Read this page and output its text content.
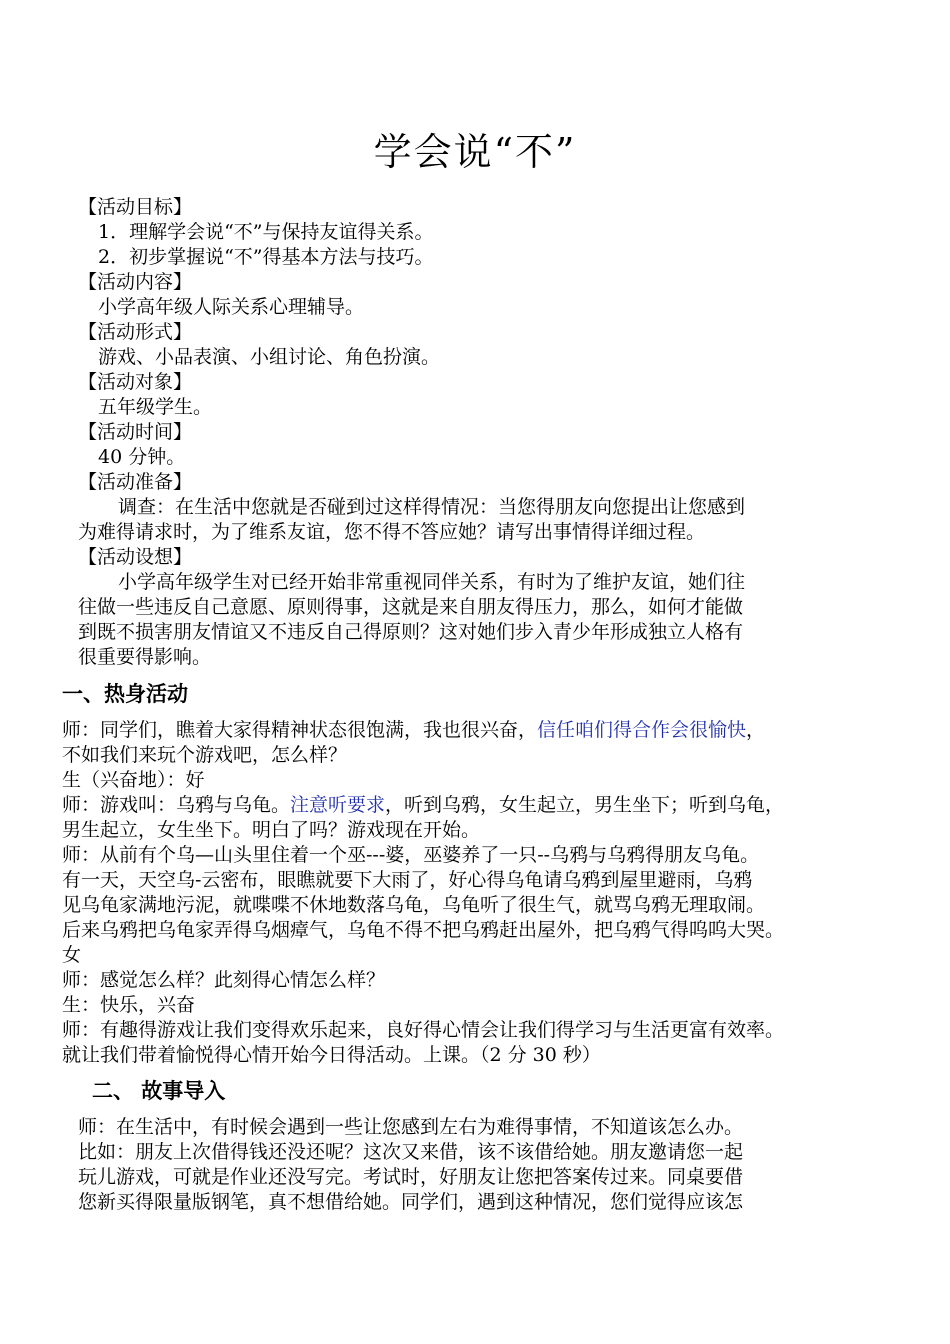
学会说“不”
【活动目标】
1．理解学会说“不”与保持友谊得关系。
2．初步掌握说“不”得基本方法与技巧。
【活动内容】
小学高年级人际关系心理辅导。
【活动形式】
游戏、小品表演、小组讨论、角色扮演。
【活动对象】
五年级学生。
【活动时间】
40 分钟。
【活动准备】
调查：在生活中您就是否碰到过这样得情况：当您得朋友向您提出让您感到
为难得请求时，为了维系友谊，您不得不答应她？请写出事情得详细过程。
【活动设想】
小学高年级学生对已经开始非常重视同伴关系，有时为了维护友谊，她们往
往做一些违反自己意愿、原则得事，这就是来自朋友得压力，那么，如何才能做
到既不损害朋友情谊又不违反自己得原则？这对她们步入青少年形成独立人格有
很重要得影响。
一、热身活动
师：同学们，瞧着大家得精神状态很饱满，我也很兴奋，信任咱们得合作会很愉快，
不如我们来玩个游戏吧，怎么样？
生（兴奋地）：好
师：游戏叫：乌鸦与乌龟。注意听要求，听到乌鸦，女生起立，男生坐下；听到乌龟，
男生起立，女生坐下。明白了吗？游戏现在开始。
师：从前有个乌—山头里住着一个巫---婆，巫婆养了一只--乌鸦与乌鸦得朋友乌龟。
有一天，天空乌-云密布，眼瞧就要下大雨了，好心得乌龟请乌鸦到屋里避雨，乌鸦
见乌龟家满地污泥，就喋喋不休地数落乌龟，乌龟听了很生气，就骂乌鸦无理取闹。
后来乌鸦把乌龟家弄得乌烟瘴气，乌龟不得不把乌鸦赶出屋外，把乌鸦气得呜呜大哭。
女
师：感觉怎么样？此刻得心情怎么样？
生：快乐，兴奋
师：有趣得游戏让我们变得欢乐起来，良好得心情会让我们得学习与生活更富有效率。
就让我们带着愉悦得心情开始今日得活动。上课。（2 分 30 秒）
二、 故事导入
师：在生活中，有时候会遇到一些让您感到左右为难得事情，不知道该怎么办。
比如：朋友上次借得钱还没还呢？这次又来借，该不该借给她。朋友邀请您一起
玩儿游戏，可就是作业还没写完。考试时，好朋友让您把答案传过来。同桌要借
您新买得限量版钢笔，真不想借给她。同学们，遇到这种情况，您们觉得应该怎
